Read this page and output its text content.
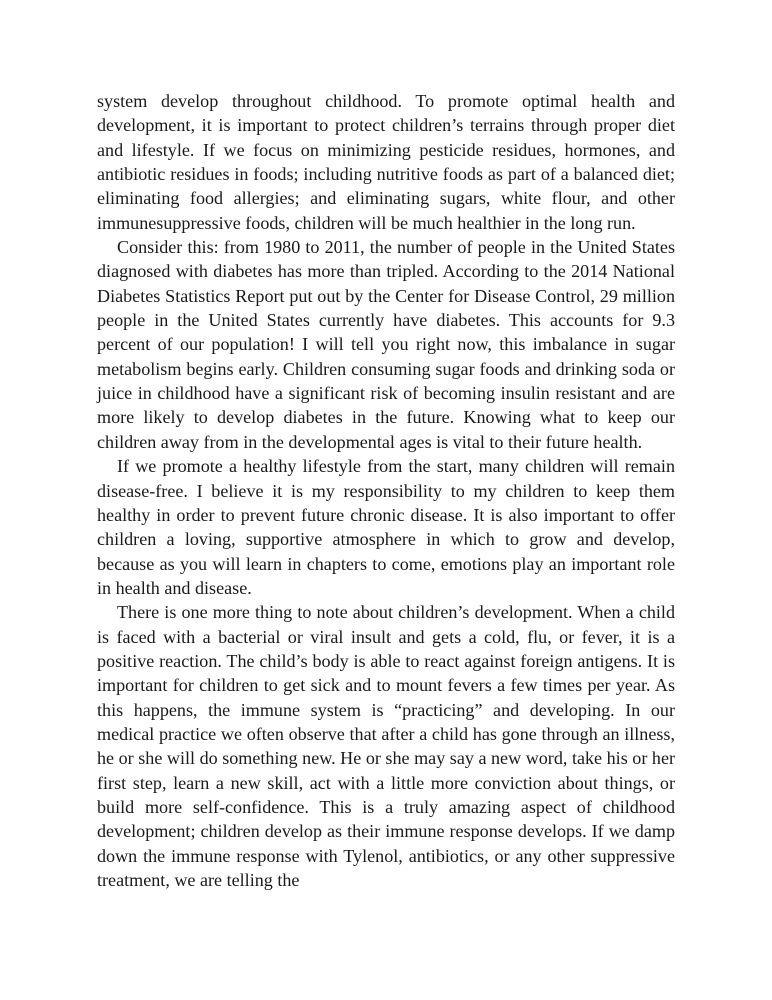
system develop throughout childhood. To promote optimal health and development, it is important to protect children’s terrains through proper diet and lifestyle. If we focus on minimizing pesticide residues, hormones, and antibiotic residues in foods; including nutritive foods as part of a balanced diet; eliminating food allergies; and eliminating sugars, white flour, and other immunesuppressive foods, children will be much healthier in the long run.

Consider this: from 1980 to 2011, the number of people in the United States diagnosed with diabetes has more than tripled. According to the 2014 National Diabetes Statistics Report put out by the Center for Disease Control, 29 million people in the United States currently have diabetes. This accounts for 9.3 percent of our population! I will tell you right now, this imbalance in sugar metabolism begins early. Children consuming sugar foods and drinking soda or juice in childhood have a significant risk of becoming insulin resistant and are more likely to develop diabetes in the future. Knowing what to keep our children away from in the developmental ages is vital to their future health.

If we promote a healthy lifestyle from the start, many children will remain disease-free. I believe it is my responsibility to my children to keep them healthy in order to prevent future chronic disease. It is also important to offer children a loving, supportive atmosphere in which to grow and develop, because as you will learn in chapters to come, emotions play an important role in health and disease.

There is one more thing to note about children’s development. When a child is faced with a bacterial or viral insult and gets a cold, flu, or fever, it is a positive reaction. The child’s body is able to react against foreign antigens. It is important for children to get sick and to mount fevers a few times per year. As this happens, the immune system is “practicing” and developing. In our medical practice we often observe that after a child has gone through an illness, he or she will do something new. He or she may say a new word, take his or her first step, learn a new skill, act with a little more conviction about things, or build more self-confidence. This is a truly amazing aspect of childhood development; children develop as their immune response develops. If we damp down the immune response with Tylenol, antibiotics, or any other suppressive treatment, we are telling the
